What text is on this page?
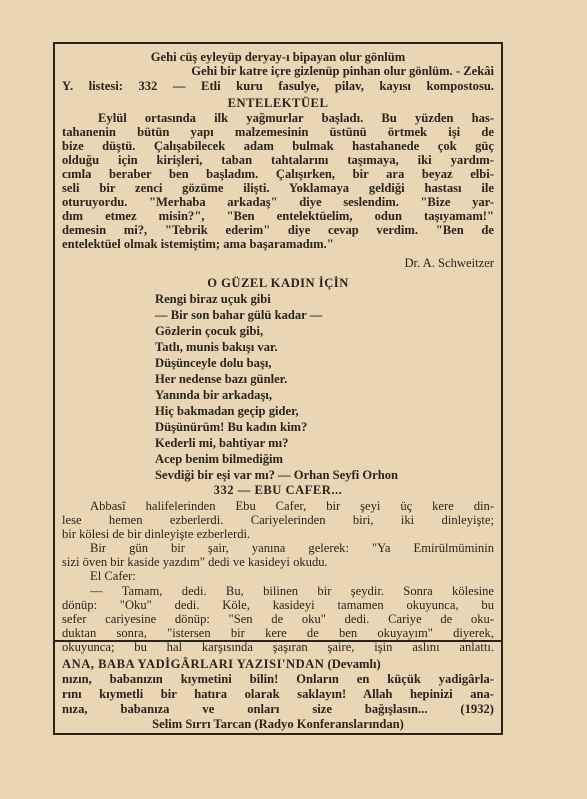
Gehi cüş eyleyüp deryay-ı bipayan olur gönlüm
Gehi bir katre içre gizlenüp pinhan olur gönlüm. - Zekâi
Y. listesi: 332 — Etli kuru fasulye, pilav, kayısı kompostosu.
ENTELEKTÜEL
Eylül ortasında ilk yağmurlar başladı. Bu yüzden has-
tahanenin bütün yapı malzemesinin üstünü örtmek işi de
bize düştü. Çalışabilecek adam bulmak hastahanede çok güç
olduğu için kirişleri, taban tahtalarını taşımaya, iki yardım-
cımla beraber ben başladım. Çalışırken, bir ara beyaz elbi-
seli bir zenci gözüme ilişti. Yoklamaya geldiği hastası ile
oturuyordu. "Merhaba arkadaş" diye seslendim. "Bize yar-
dım etmez misin?", "Ben entelektüelim, odun taşıyamam!"
demesin mi?, "Tebrik ederim" diye cevap verdim. "Ben de
entelektüel olmak istemiştim; ama başaramadım."
Dr. A. Schweitzer
O GÜZEL KADIN İÇİN
Rengi biraz uçuk gibi
— Bir son bahar gülü kadar —
Gözlerin çocuk gibi,
Tatlı, munis bakışı var.
Düşünceyle dolu başı,
Her nedense bazı günler.
Yanında bir arkadaşı,
Hiç bakmadan geçip gider,
Düşünürüm! Bu kadın kim?
Kederli mi, bahtiyar mı?
Acep benim bilmediğim
Sevdiği bir eşi var mı? — Orhan Seyfi Orhon
332 — EBU CAFER...
Abbasî halifelerinden Ebu Cafer, bir şeyi üç kere din-
lese hemen ezberlerdi. Cariyelerinden biri, iki dinleyişte;
bir kölesi de bir dinleyişte ezberlerdi.
Bir gün bir şair, yanına gelerek: "Ya Emirülmüminin
sizi öven bir kaside yazdım" dedi ve kasideyi okudu.
El Cafer:
— Tamam, dedi. Bu, bilinen bir şeydir. Sonra kölesine
dönüp: "Oku" dedi. Köle, kasideyi tamamen okuyunca, bu
sefer cariyesine dönüp: "Sen de oku" dedi. Cariye de oku-
duktan sonra, "istersen bir kere de ben okuyayım" diyerek,
okuyunca; bu hal karşısında şaşıran şaire, işin aslını anlattı.
ANA, BABA YADİGÂRLARI YAZISI'NDAN (Devamlı)
nızın, babanızın kıymetini bilin! Onların en küçük yadigârla-
rını kıymetli bir hatıra olarak saklayın! Allah hepinizi ana-
nıza, babanıza ve onları size bağışlasın... (1932)
Selim Sırrı Tarcan (Radyo Konferanslarından)
